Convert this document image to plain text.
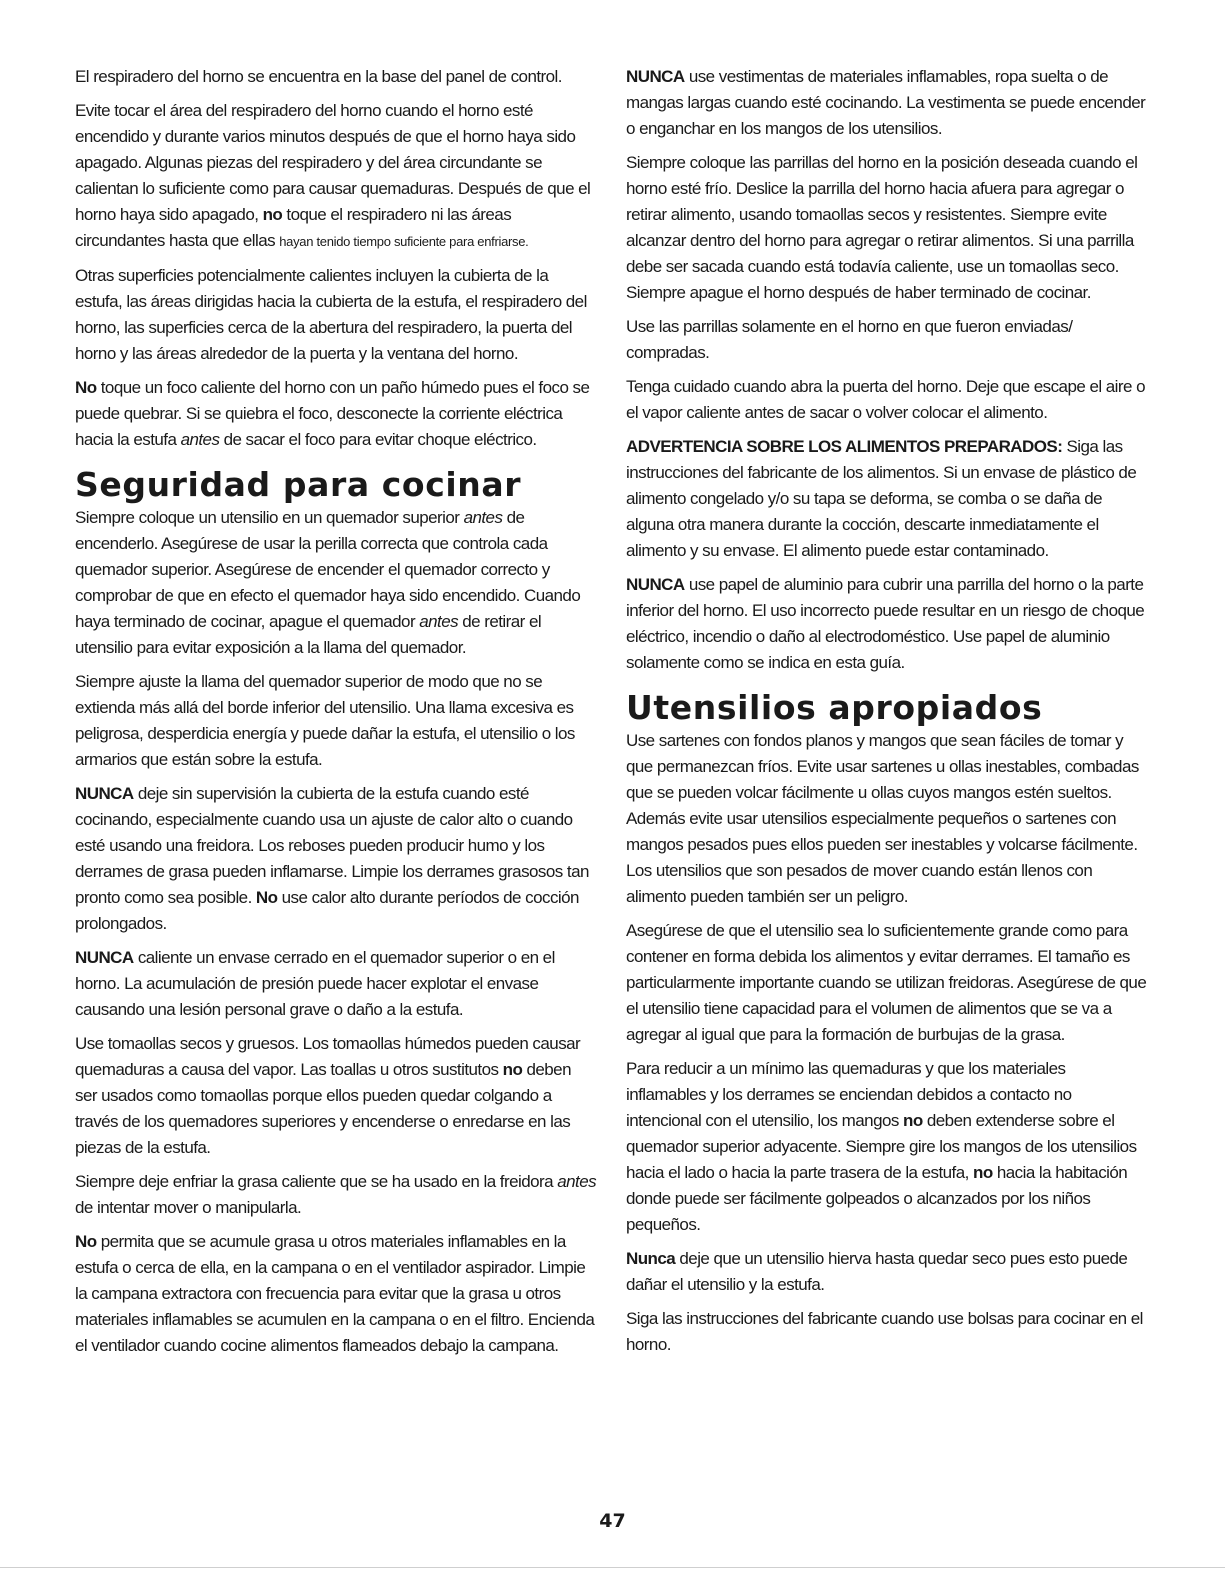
El respiradero del horno se encuentra en la base del panel de control.

Evite tocar el área del respiradero del horno cuando el horno esté encendido y durante varios minutos después de que el horno haya sido apagado. Algunas piezas del respiradero y del área circundante se calientan lo suficiente como para causar quemaduras. Después de que el horno haya sido apagado, no toque el respiradero ni las áreas circundantes hasta que ellas hayan tenido tiempo suficiente para enfriarse.

Otras superficies potencialmente calientes incluyen la cubierta de la estufa, las áreas dirigidas hacia la cubierta de la estufa, el respiradero del horno, las superficies cerca de la abertura del respiradero, la puerta del horno y las áreas alrededor de la puerta y la ventana del horno.

No toque un foco caliente del horno con un paño húmedo pues el foco se puede quebrar. Si se quiebra el foco, desconecte la corriente eléctrica hacia la estufa antes de sacar el foco para evitar choque eléctrico.

Seguridad para cocinar

Siempre coloque un utensilio en un quemador superior antes de encenderlo. Asegúrese de usar la perilla correcta que controla cada quemador superior. Asegúrese de encender el quemador correcto y comprobar de que en efecto el quemador haya sido encendido. Cuando haya terminado de cocinar, apague el quemador antes de retirar el utensilio para evitar exposición a la llama del quemador.

Siempre ajuste la llama del quemador superior de modo que no se extienda más allá del borde inferior del utensilio. Una llama excesiva es peligrosa, desperdicia energía y puede dañar la estufa, el utensilio o los armarios que están sobre la estufa.

NUNCA deje sin supervisión la cubierta de la estufa cuando esté cocinando, especialmente cuando usa un ajuste de calor alto o cuando esté usando una freidora. Los reboses pueden producir humo y los derrames de grasa pueden inflamarse. Limpie los derrames grasosos tan pronto como sea posible. No use calor alto durante períodos de cocción prolongados.

NUNCA caliente un envase cerrado en el quemador superior o en el horno. La acumulación de presión puede hacer explotar el envase causando una lesión personal grave o daño a la estufa.

Use tomaollas secos y gruesos. Los tomaollas húmedos pueden causar quemaduras a causa del vapor. Las toallas u otros sustitutos no deben ser usados como tomaollas porque ellos pueden quedar colgando a través de los quemadores superiores y encenderse o enredarse en las piezas de la estufa.

Siempre deje enfriar la grasa caliente que se ha usado en la freidora antes de intentar mover o manipularla.

No permita que se acumule grasa u otros materiales inflamables en la estufa o cerca de ella, en la campana o en el ventilador aspirador. Limpie la campana extractora con frecuencia para evitar que la grasa u otros materiales inflamables se acumulen en la campana o en el filtro. Encienda el ventilador cuando cocine alimentos flameados debajo la campana.

NUNCA use vestimentas de materiales inflamables, ropa suelta o de mangas largas cuando esté cocinando. La vestimenta se puede encender o enganchar en los mangos de los utensilios.

Siempre coloque las parrillas del horno en la posición deseada cuando el horno esté frío. Deslice la parrilla del horno hacia afuera para agregar o retirar alimento, usando tomaollas secos y resistentes. Siempre evite alcanzar dentro del horno para agregar o retirar alimentos. Si una parrilla debe ser sacada cuando está todavía caliente, use un tomaollas seco. Siempre apague el horno después de haber terminado de cocinar.

Use las parrillas solamente en el horno en que fueron enviadas/ compradas.

Tenga cuidado cuando abra la puerta del horno. Deje que escape el aire o el vapor caliente antes de sacar o volver colocar el alimento.

ADVERTENCIA SOBRE LOS ALIMENTOS PREPARADOS: Siga las instrucciones del fabricante de los alimentos. Si un envase de plástico de alimento congelado y/o su tapa se deforma, se comba o se daña de alguna otra manera durante la cocción, descarte inmediatamente el alimento y su envase. El alimento puede estar contaminado.

NUNCA use papel de aluminio para cubrir una parrilla del horno o la parte inferior del horno. El uso incorrecto puede resultar en un riesgo de choque eléctrico, incendio o daño al electrodoméstico. Use papel de aluminio solamente como se indica en esta guía.

Utensilios apropiados

Use sartenes con fondos planos y mangos que sean fáciles de tomar y que permanezcan fríos. Evite usar sartenes u ollas inestables, combadas que se pueden volcar fácilmente u ollas cuyos mangos estén sueltos. Además evite usar utensilios especialmente pequeños o sartenes con mangos pesados pues ellos pueden ser inestables y volcarse fácilmente. Los utensilios que son pesados de mover cuando están llenos con alimento pueden también ser un peligro.

Asegúrese de que el utensilio sea lo suficientemente grande como para contener en forma debida los alimentos y evitar derrames. El tamaño es particularmente importante cuando se utilizan freidoras. Asegúrese de que el utensilio tiene capacidad para el volumen de alimentos que se va a agregar al igual que para la formación de burbujas de la grasa.

Para reducir a un mínimo las quemaduras y que los materiales inflamables y los derrames se enciendan debidos a contacto no intencional con el utensilio, los mangos no deben extenderse sobre el quemador superior adyacente. Siempre gire los mangos de los utensilios hacia el lado o hacia la parte trasera de la estufa, no hacia la habitación donde puede ser fácilmente golpeados o alcanzados por los niños pequeños.

Nunca deje que un utensilio hierva hasta quedar seco pues esto puede dañar el utensilio y la estufa.

Siga las instrucciones del fabricante cuando use bolsas para cocinar en el horno.

47
